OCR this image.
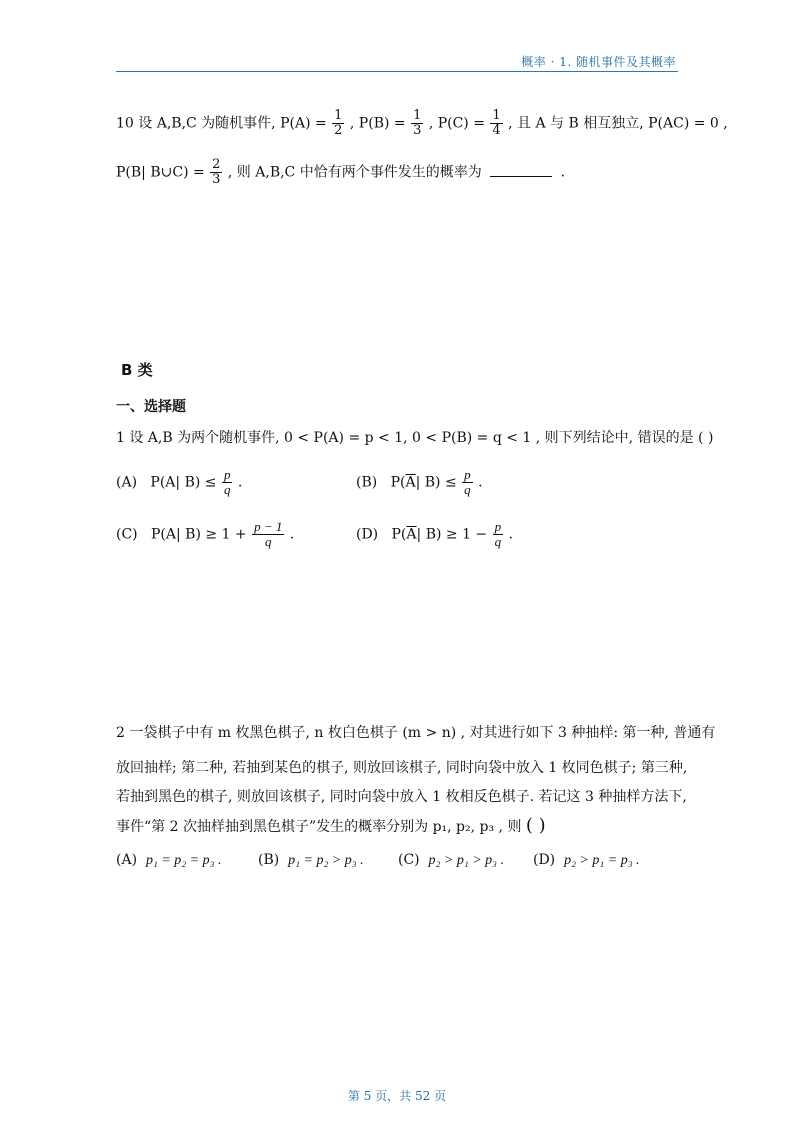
概率 · 1. 随机事件及其概率
10 设 A,B,C 为随机事件, $P(A) = \frac{1}{2}$ , $P(B) = \frac{1}{3}$ , $P(C) = \frac{1}{4}$ , 且 A 与 B 相互独立, P(AC) = 0 ,
P(B| B∪C) = $\frac{2}{3}$ , 则 A,B,C 中恰有两个事件发生的概率为	.
B 类
一、选择题
1 设 A,B 为两个随机事件, 0 < P(A) = p < 1, 0 < P(B) = q < 1 , 则下列结论中, 错误的是 ( )
(A) P(A| $B) \le \frac{p}{q}$ .	(B) $P(\overline{A}|$ $B) \le \frac{p}{q}$ .
(C) P(A| $B) \ge 1 + \frac{p - 1}{q}$ .	(D) $P(\overline{A}|$ $B) \ge 1 - \frac{p}{q}$ .
2 一袋棋子中有 m 枚黑色棋子, n 枚白色棋子 (m > n) , 对其进行如下 3 种抽样: 第一种, 普通有
放回抽样; 第二种, 若抽到某色的棋子, 则放回该棋子, 同时向袋中放入 1 枚同色棋子; 第三种,
若抽到黑色的棋子, 则放回该棋子, 同时向袋中放入 1 枚相反色棋子. 若记这 3 种抽样方法下,
事件“第 2 次抽样抽到黑色棋子”发生的概率分别为 p₁, p₂, p₃ , 则 ( )
(A) p₁ = p₂ = p₃ .	(B) p₁ = p₂ > p₃ . (C) p₂ > p₁ > p₃ . (D) p₂ > p₁ = p₃ .
第 5 页，共 52 页
